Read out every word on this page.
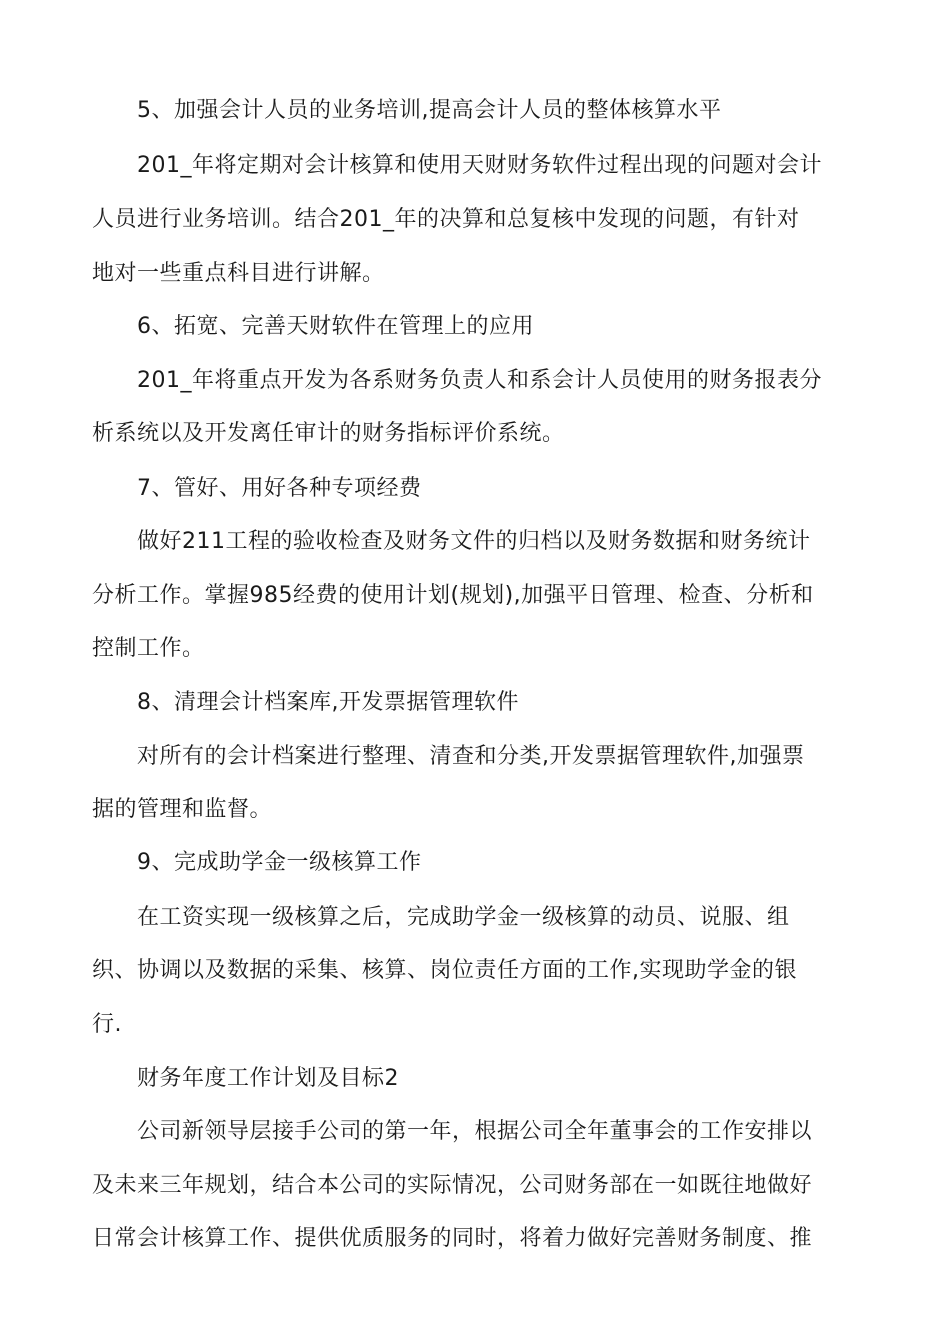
5、加强会计人员的业务培训,提高会计人员的整体核算水平
201_年将定期对会计核算和使用天财财务软件过程出现的问题对会计
人员进行业务培训。结合201_年的决算和总复核中发现的问题，有针对
地对一些重点科目进行讲解。
6、拓宽、完善天财软件在管理上的应用
201_年将重点开发为各系财务负责人和系会计人员使用的财务报表分
析系统以及开发离任审计的财务指标评价系统。
7、管好、用好各种专项经费
做好211工程的验收检查及财务文件的归档以及财务数据和财务统计
分析工作。掌握985经费的使用计划(规划),加强平日管理、检查、分析和
控制工作。
8、清理会计档案库,开发票据管理软件
对所有的会计档案进行整理、清查和分类,开发票据管理软件,加强票
据的管理和监督。
9、完成助学金一级核算工作
在工资实现一级核算之后，完成助学金一级核算的动员、说服、组
织、协调以及数据的采集、核算、岗位责任方面的工作,实现助学金的银
行.
财务年度工作计划及目标2
公司新领导层接手公司的第一年，根据公司全年董事会的工作安排以
及未来三年规划，结合本公司的实际情况，公司财务部在一如既往地做好
日常会计核算工作、提供优质服务的同时，将着力做好完善财务制度、推
